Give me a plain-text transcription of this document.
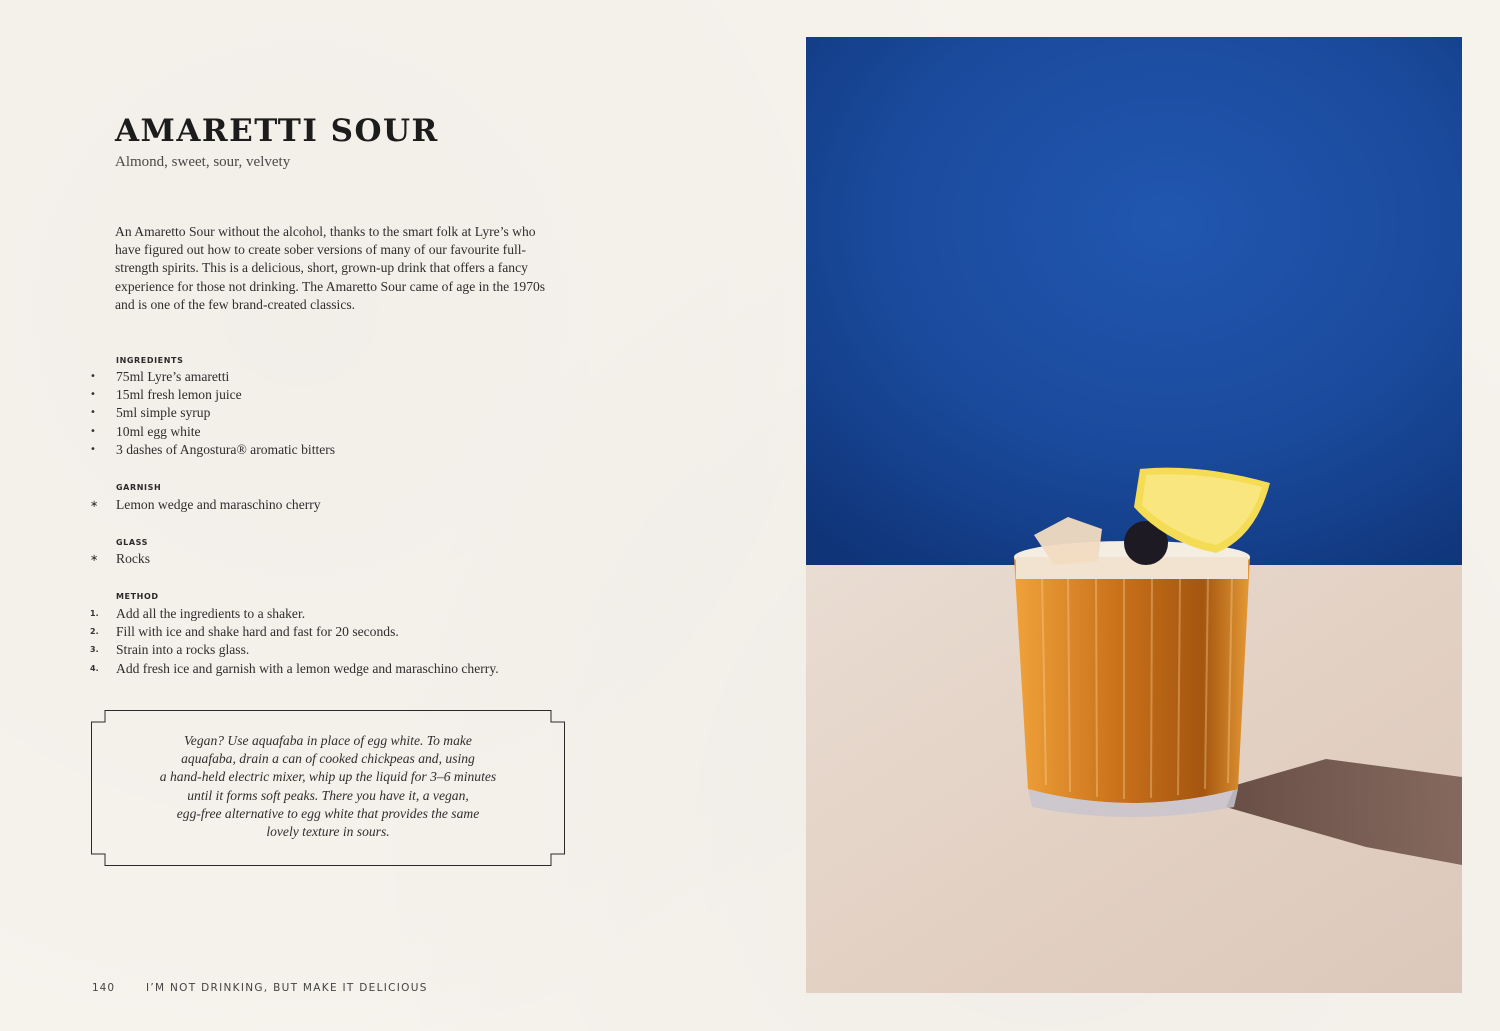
AMARETTI SOUR

Almond, sweet, sour, velvety

An Amaretto Sour without the alcohol, thanks to the smart folk at Lyre’s who have figured out how to create sober versions of many of our favourite full-strength spirits. This is a delicious, short, grown-up drink that offers a fancy experience for those not drinking. The Amaretto Sour came of age in the 1970s and is one of the few brand-created classics.

INGREDIENTS
•	75ml Lyre’s amaretti
•	15ml fresh lemon juice
•	5ml simple syrup
•	10ml egg white
•	3 dashes of Angostura® aromatic bitters
GARNISH
∗ Lemon wedge and maraschino cherry
GLASS
∗ Rocks
METHOD
1. Add all the ingredients to a shaker.
2. Fill with ice and shake hard and fast for 20 seconds.
3. Strain into a rocks glass.
4. Add fresh ice and garnish with a lemon wedge and maraschino cherry.

Vegan? Use aquafaba in place of egg white. To make
aquafaba, drain a can of cooked chickpeas and, using
a hand-held electric mixer, whip up the liquid for 3–6 minutes
until it forms soft peaks. There you have it, a vegan,
egg-free alternative to egg white that provides the same
lovely texture in sours.

140	I’M NOT DRINKING, BUT MAKE IT DELICIOUS
